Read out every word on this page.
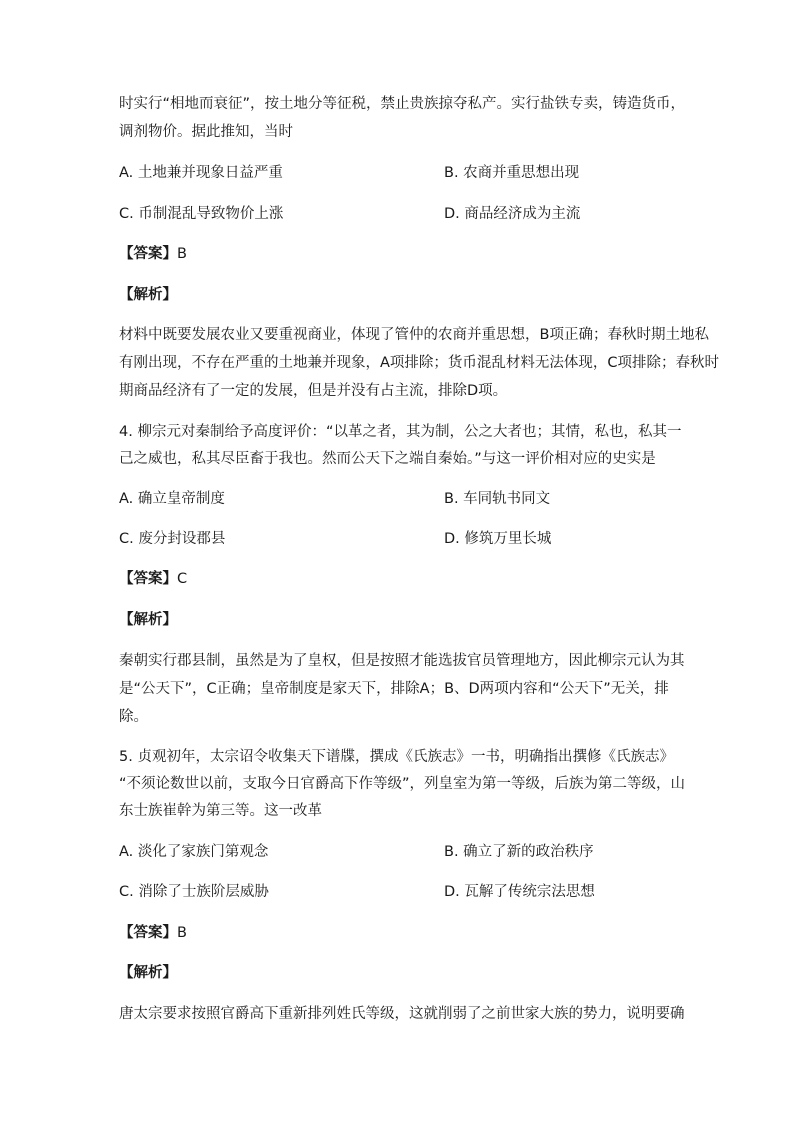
时实行“相地而衰征”，按土地分等征税，禁止贵族掠夺私产。实行盐铁专卖，铸造货币，
调剂物价。据此推知，当时
A. 土地兼并现象日益严重	B. 农商并重思想出现
C. 币制混乱导致物价上涨	D. 商品经济成为主流
【答案】B
【解析】
材料中既要发展农业又要重视商业，体现了管仲的农商并重思想，B项正确；春秋时期土地私
有刚出现，不存在严重的土地兼并现象，A项排除；货币混乱材料无法体现，C项排除；春秋时
期商品经济有了一定的发展，但是并没有占主流，排除D项。
4. 柳宗元对秦制给予高度评价：“以革之者，其为制，公之大者也；其情，私也，私其一
己之威也，私其尽臣畜于我也。然而公天下之端自秦始。”与这一评价相对应的史实是
A. 确立皇帝制度	B. 车同轨书同文
C. 废分封设郡县	D. 修筑万里长城
【答案】C
【解析】
秦朝实行郡县制，虽然是为了皇权，但是按照才能选拔官员管理地方，因此柳宗元认为其
是“公天下”，C正确；皇帝制度是家天下，排除A；B、D两项内容和“公天下”无关，排
除。
5. 贞观初年，太宗诏令收集天下谱牒，撰成《氏族志》一书，明确指出撰修《氏族志》
“不须论数世以前，支取今日官爵高下作等级”，列皇室为第一等级，后族为第二等级，山
东士族崔幹为第三等。这一改革
A. 淡化了家族门第观念	B. 确立了新的政治秩序
C. 消除了士族阶层威胁	D. 瓦解了传统宗法思想
【答案】B
【解析】
唐太宗要求按照官爵高下重新排列姓氏等级，这就削弱了之前世家大族的势力，说明要确
